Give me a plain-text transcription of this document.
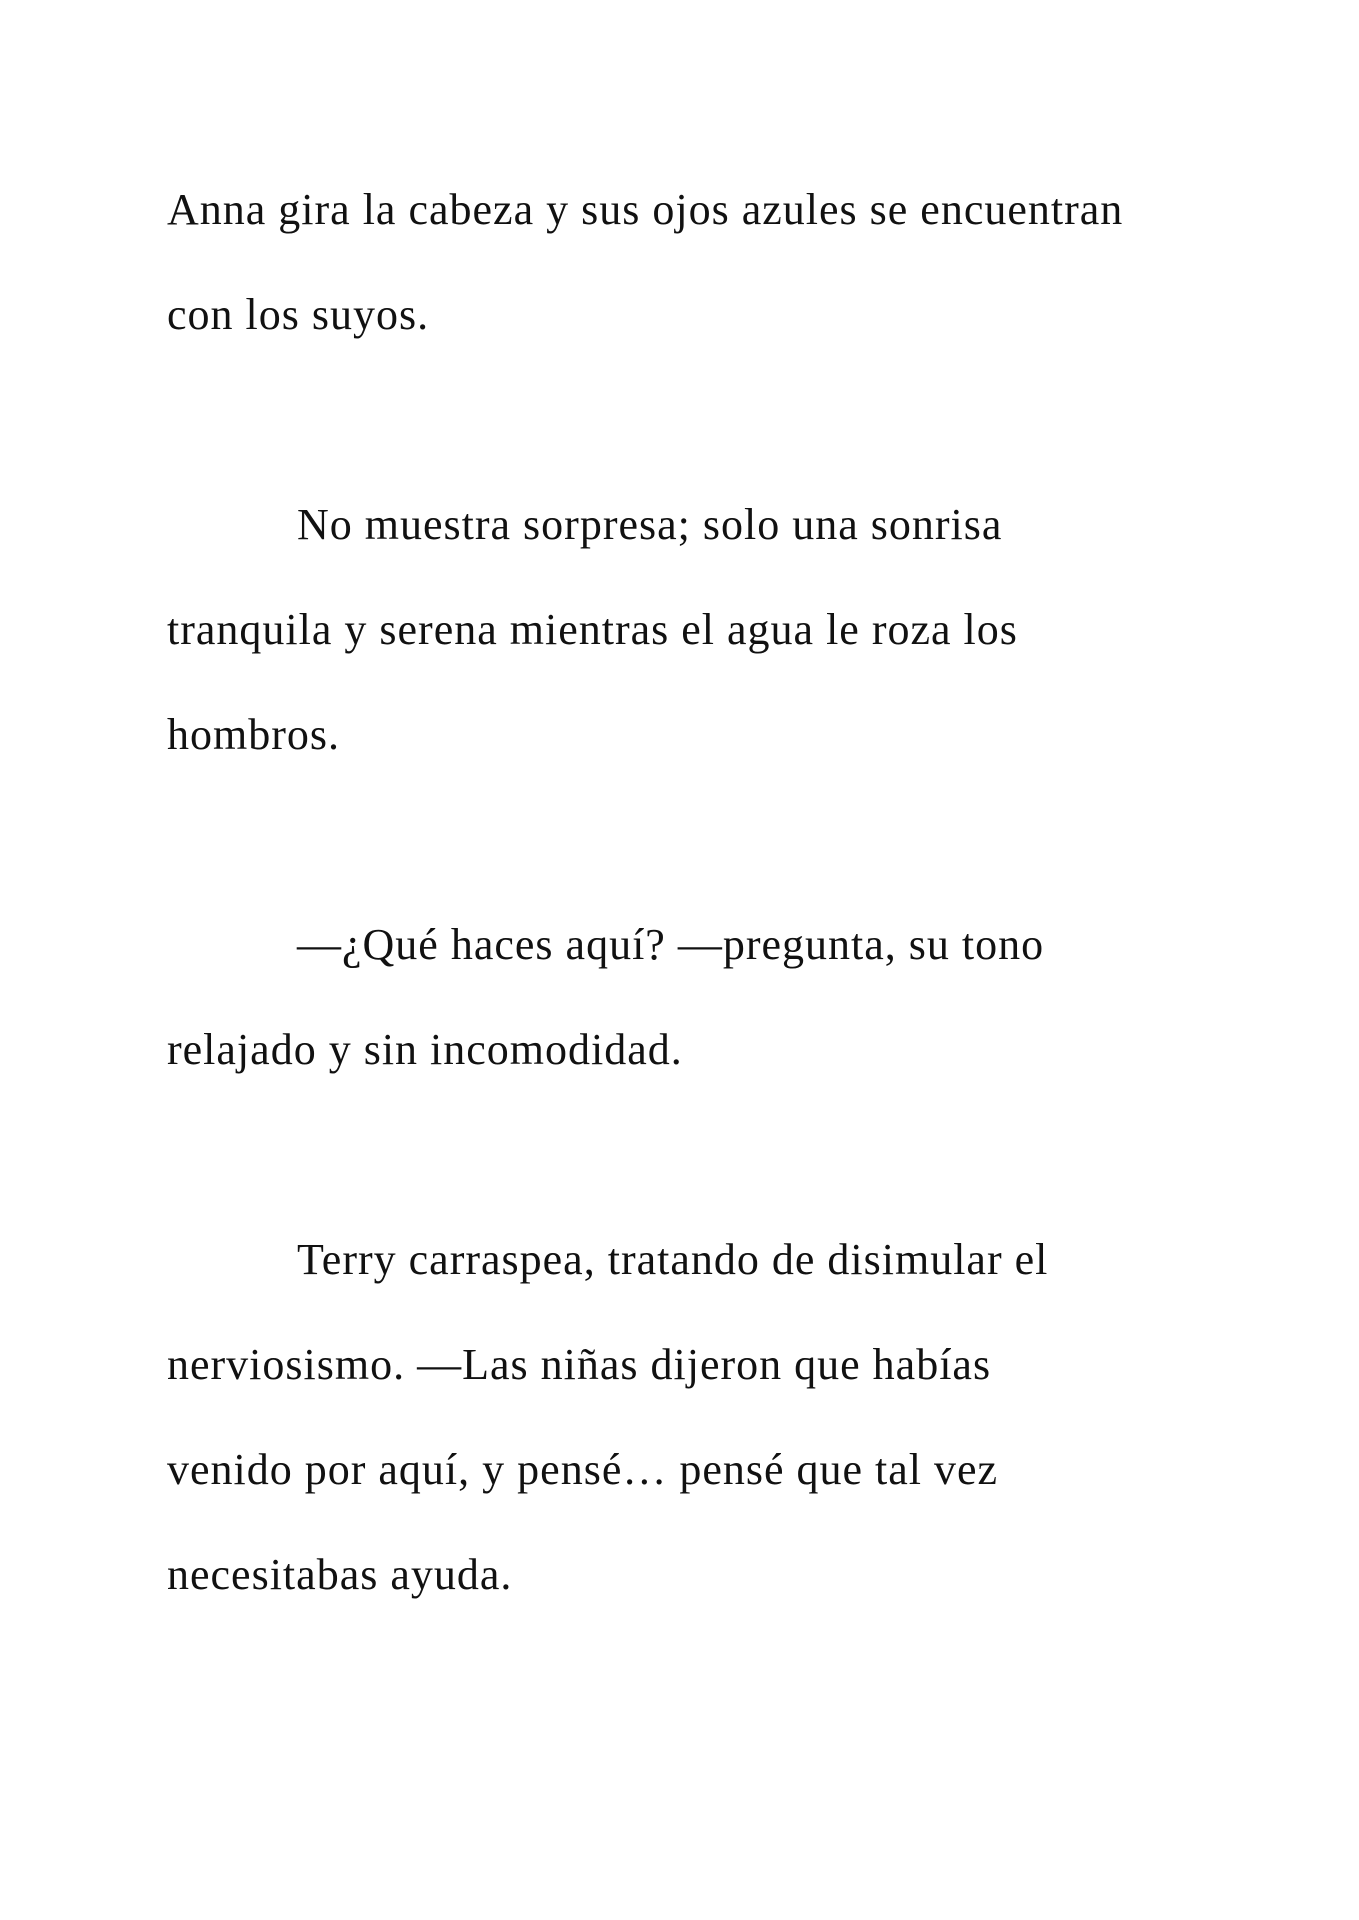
Anna gira la cabeza y sus ojos azules se encuentran
con los suyos.
No muestra sorpresa; solo una sonrisa
tranquila y serena mientras el agua le roza los
hombros.
—¿Qué haces aquí? —pregunta, su tono
relajado y sin incomodidad.
Terry carraspea, tratando de disimular el
nerviosismo. —Las niñas dijeron que habías
venido por aquí, y pensé… pensé que tal vez
necesitabas ayuda.
